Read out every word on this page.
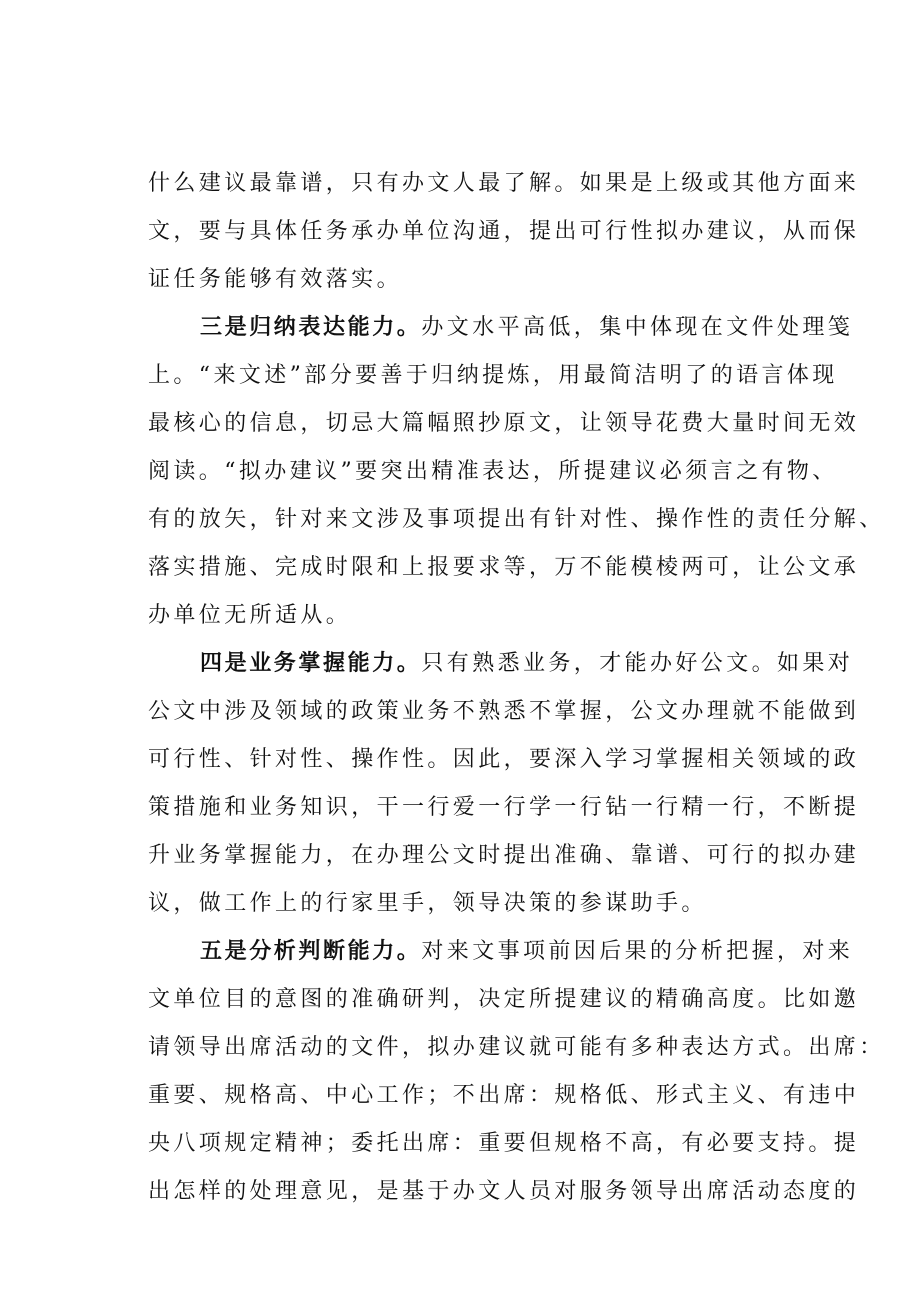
什么建议最靠谱，只有办文人最了解。如果是上级或其他方面来
文，要与具体任务承办单位沟通，提出可行性拟办建议，从而保
证任务能够有效落实。
三是归纳表达能力。办文水平高低，集中体现在文件处理笺
上。“来文述”部分要善于归纳提炼，用最简洁明了的语言体现
最核心的信息，切忌大篇幅照抄原文，让领导花费大量时间无效
阅读。“拟办建议”要突出精准表达，所提建议必须言之有物、
有的放矢，针对来文涉及事项提出有针对性、操作性的责任分解、
落实措施、完成时限和上报要求等，万不能模棱两可，让公文承
办单位无所适从。
四是业务掌握能力。只有熟悉业务，才能办好公文。如果对
公文中涉及领域的政策业务不熟悉不掌握，公文办理就不能做到
可行性、针对性、操作性。因此，要深入学习掌握相关领域的政
策措施和业务知识，干一行爱一行学一行钻一行精一行，不断提
升业务掌握能力，在办理公文时提出准确、靠谱、可行的拟办建
议，做工作上的行家里手，领导决策的参谋助手。
五是分析判断能力。对来文事项前因后果的分析把握，对来
文单位目的意图的准确研判，决定所提建议的精确高度。比如邀
请领导出席活动的文件，拟办建议就可能有多种表达方式。出席：
重要、规格高、中心工作；不出席：规格低、形式主义、有违中
央八项规定精神；委托出席：重要但规格不高，有必要支持。提
出怎样的处理意见，是基于办文人员对服务领导出席活动态度的
